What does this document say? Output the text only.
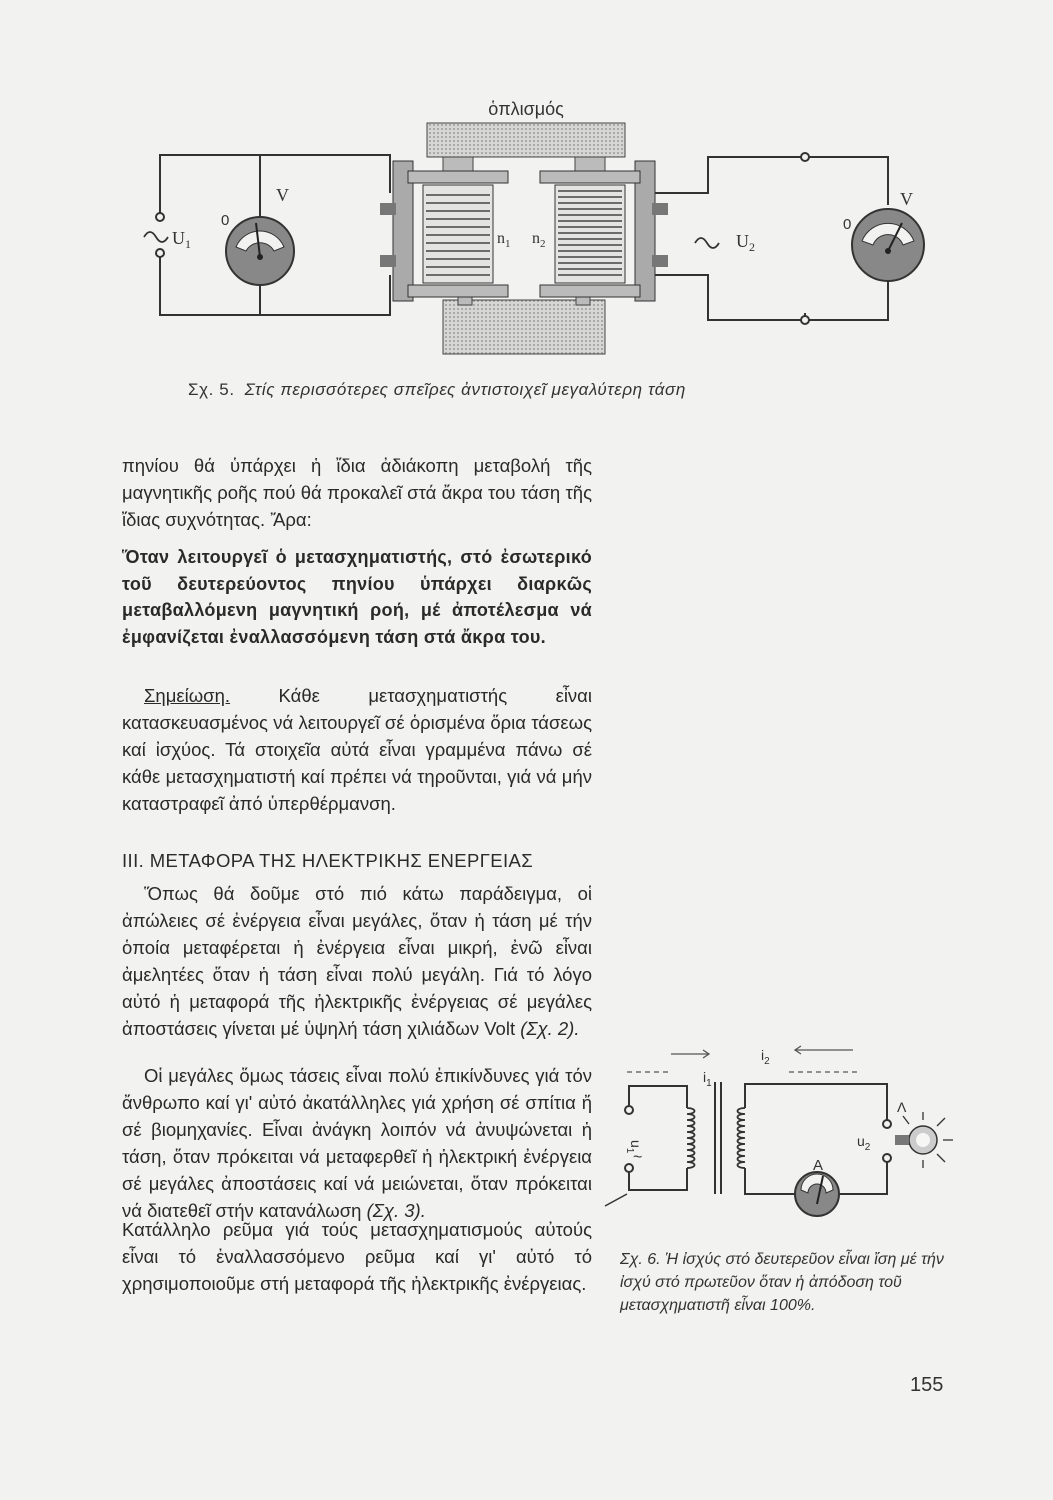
ὁπλισμός
$U_1$	$U_2$
$n_1$ $n_2$
V	V
0	0
Σχ. 5. Στίς περισσότερες σπεῖρες ἀντιστοιχεῖ μεγαλύτερη τάση

πηνίου θά ὑπάρχει ἡ ἴδια ἀδιάκοπη μεταβολή τῆς μαγνητικῆς ροῆς πού θά προκαλεῖ στά ἄκρα του τάση τῆς ἴδιας συχνότητας. Ἄρα:

Ὅταν λειτουργεῖ ὁ μετασχηματιστής, στό ἐσωτερικό τοῦ δευτερεύοντος πηνίου ὑπάρχει διαρκῶς μεταβαλλόμενη μαγνητική ροή, μέ ἀποτέλεσμα νά ἐμφανίζεται ἐναλλασσόμενη τάση στά ἄκρα του.

Σημείωση. Κάθε μετασχηματιστής εἶναι κατασκευασμένος νά λειτουργεῖ σέ ὁρισμένα ὅρια τάσεως καί ἰσχύος. Τά στοιχεῖα αὐτά εἶναι γραμμένα πάνω σέ κάθε μετασχηματιστή καί πρέπει νά τηροῦνται, γιά νά μήν καταστραφεῖ ἀπό ὑπερθέρμανση.

III. ΜΕΤΑΦΟΡΑ ΤΗΣ ΗΛΕΚΤΡΙΚΗΣ ΕΝΕΡΓΕΙΑΣ

Ὅπως θά δοῦμε στό πιό κάτω παράδειγμα, οἱ ἀπώλειες σέ ἐνέργεια εἶναι μεγάλες, ὅταν ἡ τάση μέ τήν ὁποία μεταφέρεται ἡ ἐνέργεια εἶναι μικρή, ἐνῶ εἶναι ἀμελητέες ὅταν ἡ τάση εἶναι πολύ μεγάλη. Γιά τό λόγο αὐτό ἡ μεταφορά τῆς ἠλεκτρικῆς ἐνέργειας σέ μεγάλες ἀποστάσεις γίνεται μέ ὑψηλή τάση χιλιάδων Volt (Σχ. 2).

Οἱ μεγάλες ὅμως τάσεις εἶναι πολύ ἐπικίνδυνες γιά τόν ἄνθρωπο καί γι' αὐτό ἀκατάλληλες γιά χρήση σέ σπίτια ἤ σέ βιομηχανίες. Εἶναι ἀνάγκη λοιπόν νά ἀνυψώνεται ἡ τάση, ὅταν πρόκειται νά μεταφερθεῖ ἡ ἠλεκτρική ἐνέργεια σέ μεγάλες ἀποστάσεις καί νά μειώνεται, ὅταν πρόκειται νά διατεθεῖ στήν κατανάλωση (Σχ. 3).

Κατάλληλο ρεῦμα γιά τούς μετασχηματισμούς αὐτούς εἶναι τό ἐναλλασσόμενο ρεῦμα καί γι' αὐτό τό χρησιμοποιοῦμε στή μεταφορά τῆς ἠλεκτρικῆς ἐνέργειας.

$i_1$
$i_2$
$u_1$
~
$u_2$
Λ
A

Σχ. 6. Ἡ ἰσχύς στό δευτερεῦον εἶναι ἴση μέ τήν ἰσχύ στό πρωτεῦον ὅταν ἡ ἀπόδοση τοῦ μετασχηματιστῆ εἶναι 100%.

155
